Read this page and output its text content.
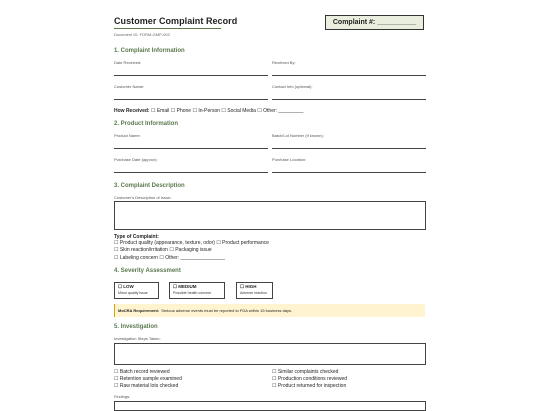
Customer Complaint Record
Document ID: FORM-GMP-002
Complaint #: __________
1. Complaint Information
Date Received:	Received By:
Customer Name:	Contact Info (optional):
How Received: ☐ Email ☐ Phone ☐ In-Person ☐ Social Media ☐ Other: _________
2. Product Information
Product Name:	Batch/Lot Number (if known):
Purchase Date (approx):	Purchase Location:
3. Complaint Description
Customer's Description of Issue:
Type of Complaint:
☐ Product quality (appearance, texture, odor) ☐ Product performance
☐ Skin reaction/irritation ☐ Packaging issue
☐ Labeling concern ☐ Other: ________________
4. Severity Assessment
☐ LOW
Minor quality issue
☐ MEDIUM
Possible health concern
☐ HIGH
Adverse reaction
MoCRA Requirement: Serious adverse events must be reported to FDA within 15 business days.
5. Investigation
Investigation Steps Taken:
☐ Batch record reviewed
☐ Retention sample examined
☐ Raw material lots checked
☐ Similar complaints checked
☐ Production conditions reviewed
☐ Product returned for inspection
Findings:
